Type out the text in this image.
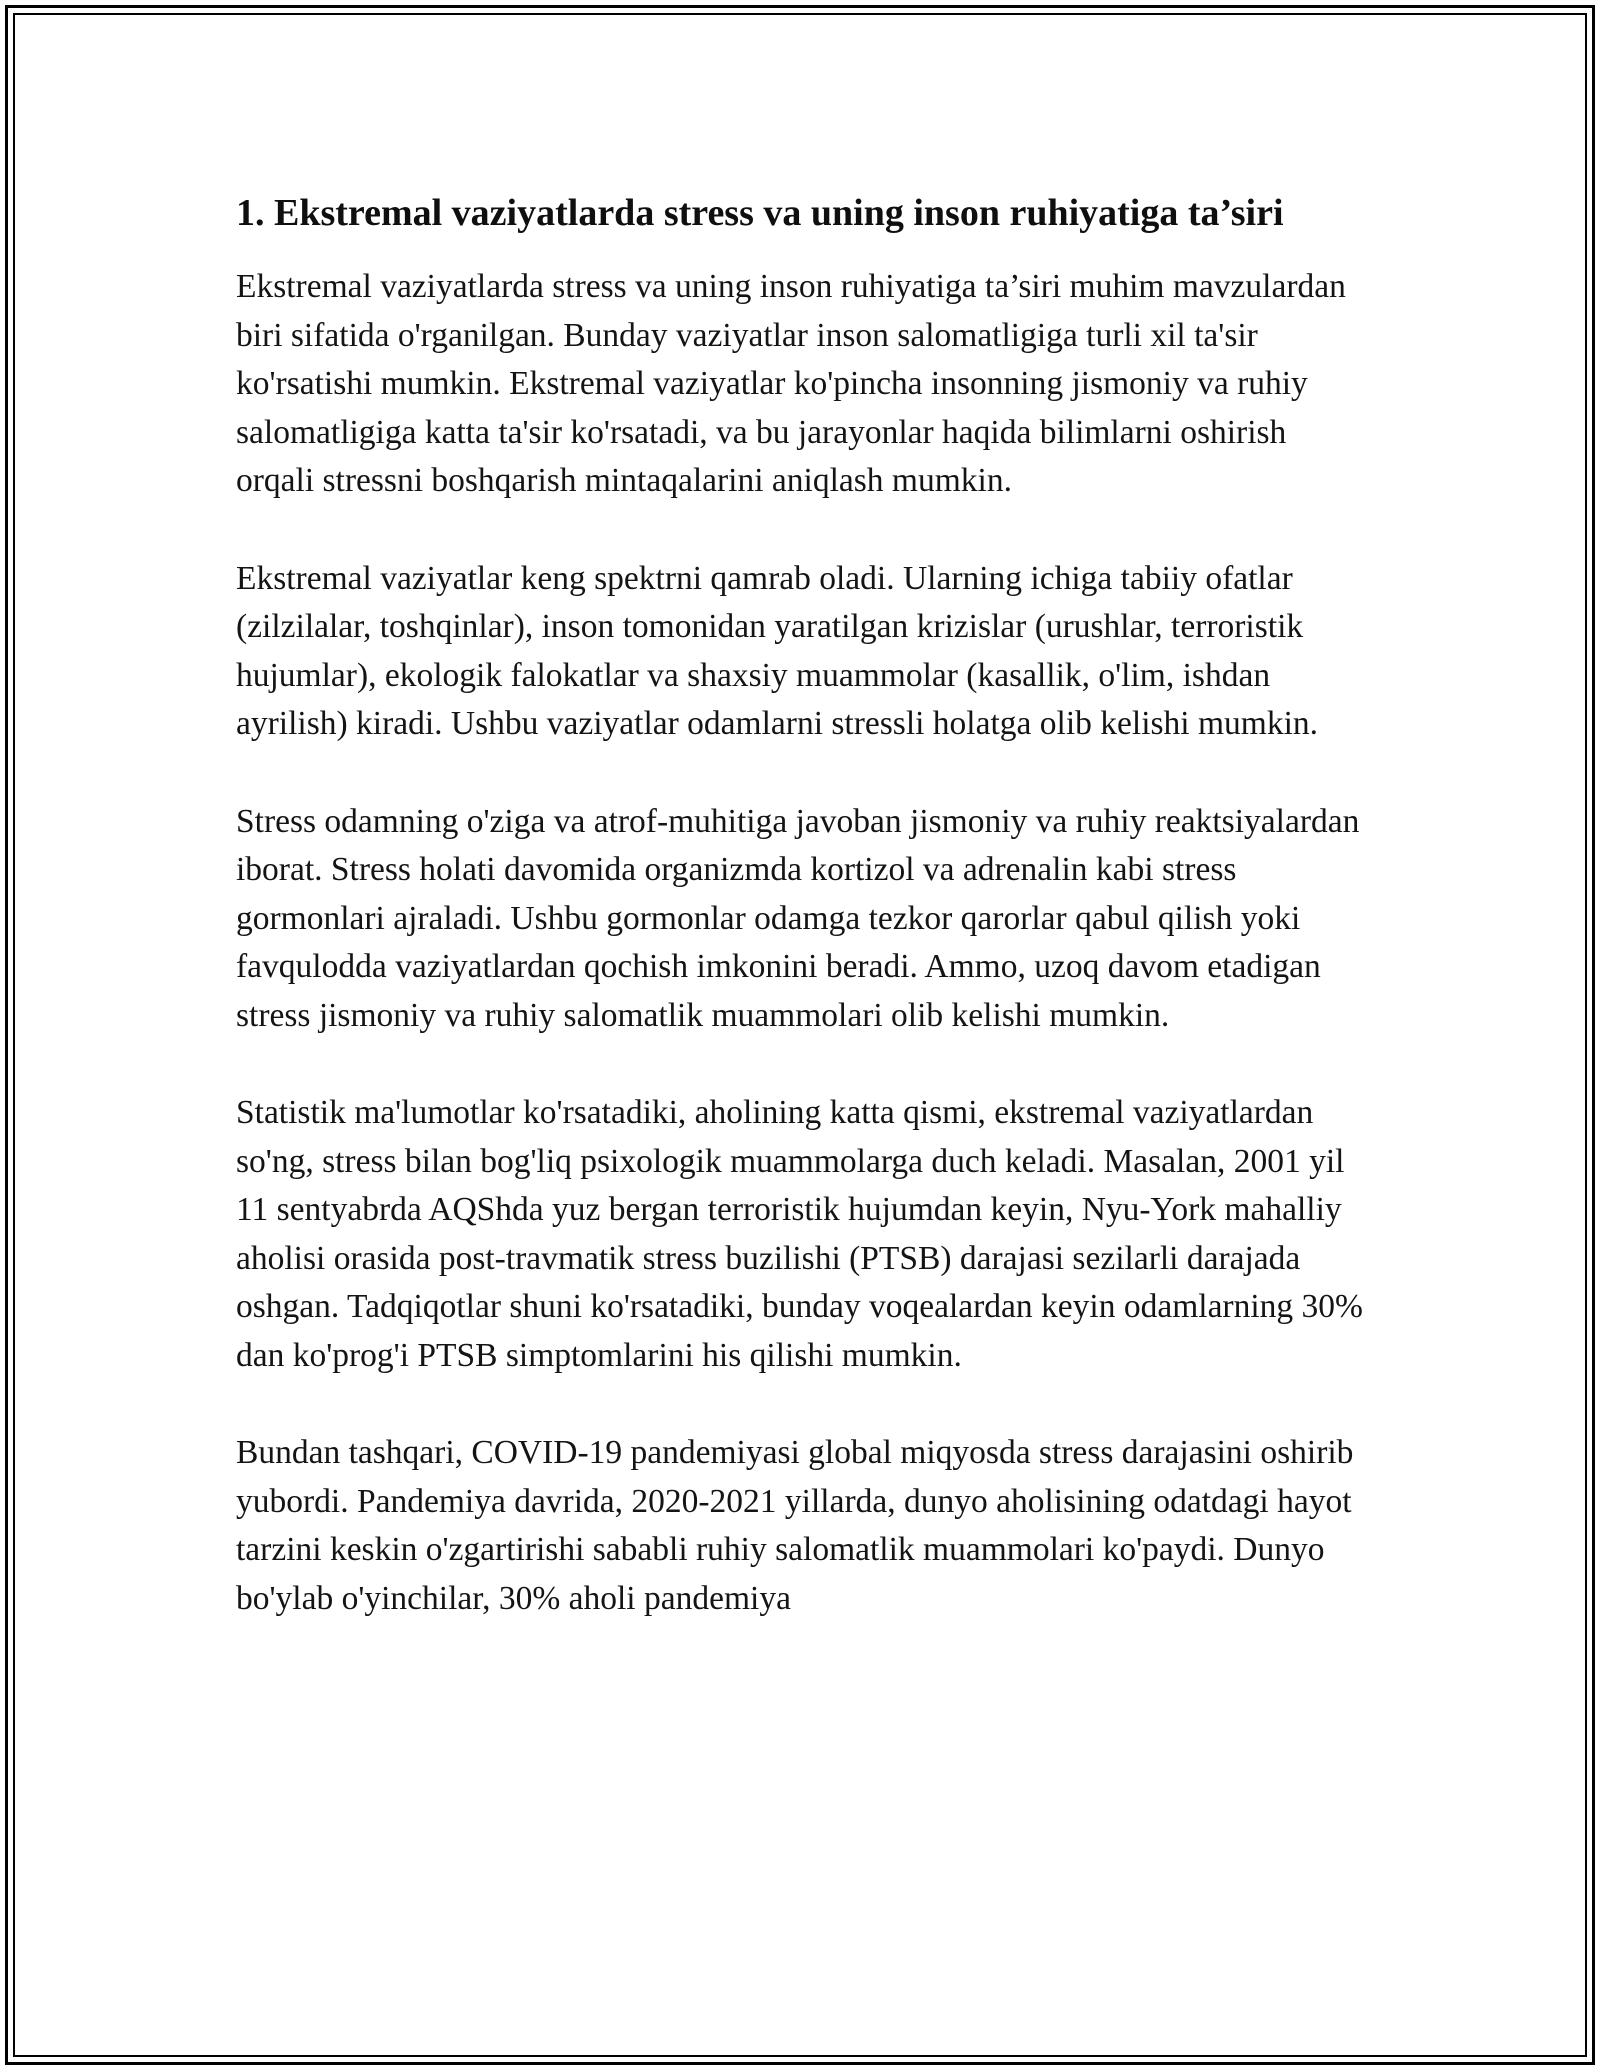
1. Ekstremal vaziyatlarda stress va uning inson ruhiyatiga ta’siri

Ekstremal vaziyatlarda stress va uning inson ruhiyatiga ta’siri muhim mavzulardan biri sifatida o'rganilgan. Bunday vaziyatlar inson salomatligiga turli xil ta'sir ko'rsatishi mumkin. Ekstremal vaziyatlar ko'pincha insonning jismoniy va ruhiy salomatligiga katta ta'sir ko'rsatadi, va bu jarayonlar haqida bilimlarni oshirish orqali stressni boshqarish mintaqalarini aniqlash mumkin.

Ekstremal vaziyatlar keng spektrni qamrab oladi. Ularning ichiga tabiiy ofatlar (zilzilalar, toshqinlar), inson tomonidan yaratilgan krizislar (urushlar, terroristik hujumlar), ekologik falokatlar va shaxsiy muammolar (kasallik, o'lim, ishdan ayrilish) kiradi. Ushbu vaziyatlar odamlarni stressli holatga olib kelishi mumkin.

Stress odamning o'ziga va atrof-muhitiga javoban jismoniy va ruhiy reaktsiyalardan iborat. Stress holati davomida organizmda kortizol va adrenalin kabi stress gormonlari ajraladi. Ushbu gormonlar odamga tezkor qarorlar qabul qilish yoki favqulodda vaziyatlardan qochish imkonini beradi. Ammo, uzoq davom etadigan stress jismoniy va ruhiy salomatlik muammolari olib kelishi mumkin.

Statistik ma'lumotlar ko'rsatadiki, aholining katta qismi, ekstremal vaziyatlardan so'ng, stress bilan bog'liq psixologik muammolarga duch keladi. Masalan, 2001 yil 11 sentyabrda AQShda yuz bergan terroristik hujumdan keyin, Nyu-York mahalliy aholisi orasida post-travmatik stress buzilishi (PTSB) darajasi sezilarli darajada oshgan. Tadqiqotlar shuni ko'rsatadiki, bunday voqealardan keyin odamlarning 30% dan ko'prog'i PTSB simptomlarini his qilishi mumkin.

Bundan tashqari, COVID-19 pandemiyasi global miqyosda stress darajasini oshirib yubordi. Pandemiya davrida, 2020-2021 yillarda, dunyo aholisining odatdagi hayot tarzini keskin o'zgartirishi sababli ruhiy salomatlik muammolari ko'paydi. Dunyo bo'ylab o'yinchilar, 30% aholi pandemiya
